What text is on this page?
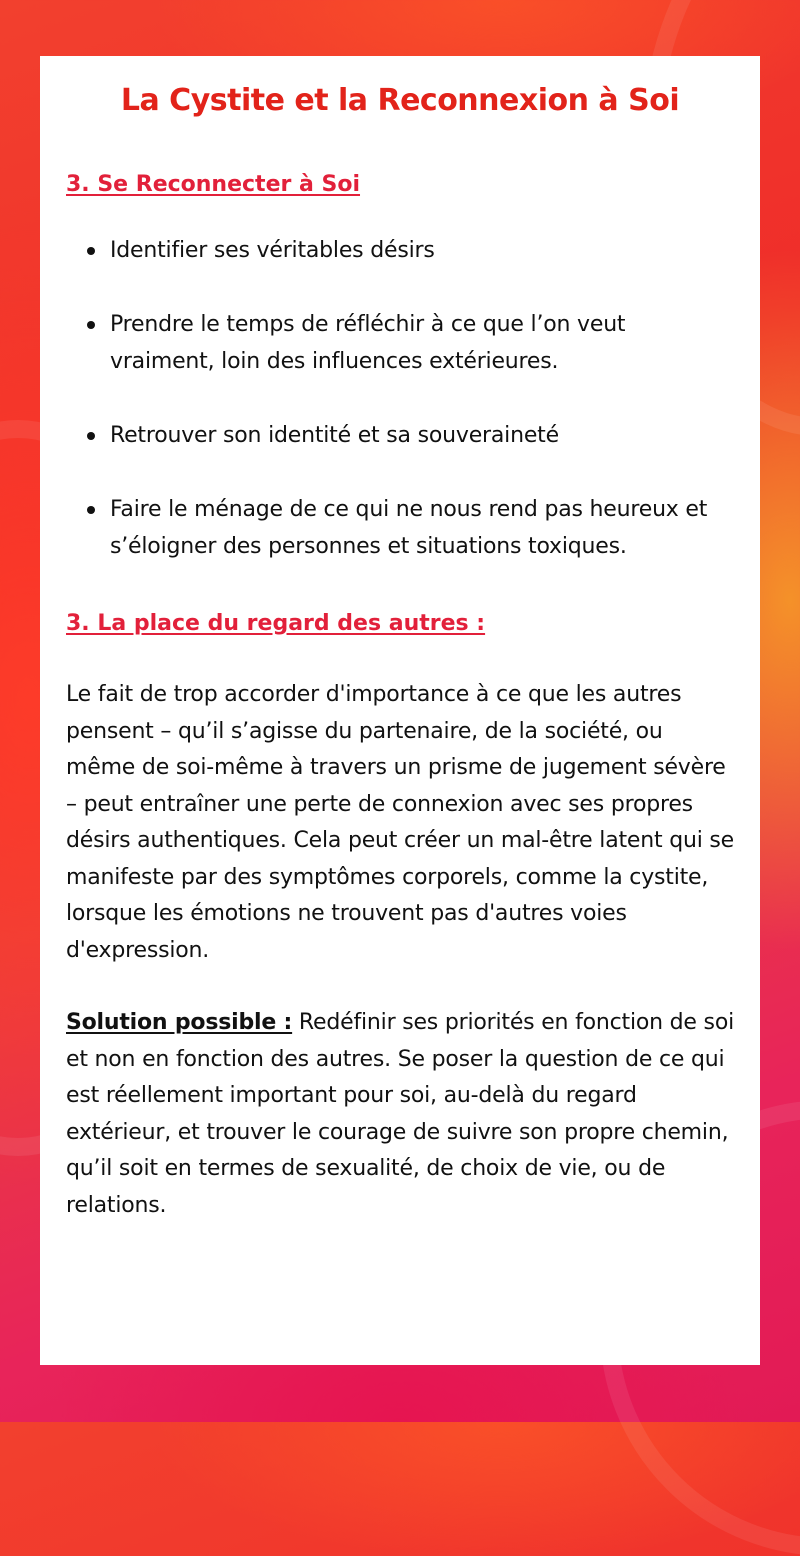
La Cystite et la Reconnexion à Soi
3. Se Reconnecter à Soi
Identifier ses véritables désirs
Prendre le temps de réfléchir à ce que l’on veut vraiment, loin des influences extérieures.
Retrouver son identité et sa souveraineté
Faire le ménage de ce qui ne nous rend pas heureux et s’éloigner des personnes et situations toxiques.
3. La place du regard des autres :

Le fait de trop accorder d'importance à ce que les autres pensent – qu’il s’agisse du partenaire, de la société, ou même de soi-même à travers un prisme de jugement sévère – peut entraîner une perte de connexion avec ses propres désirs authentiques. Cela peut créer un mal-être latent qui se manifeste par des symptômes corporels, comme la cystite, lorsque les émotions ne trouvent pas d'autres voies d'expression.

Solution possible : Redéfinir ses priorités en fonction de soi et non en fonction des autres. Se poser la question de ce qui est réellement important pour soi, au-delà du regard extérieur, et trouver le courage de suivre son propre chemin, qu’il soit en termes de sexualité, de choix de vie, ou de relations.
